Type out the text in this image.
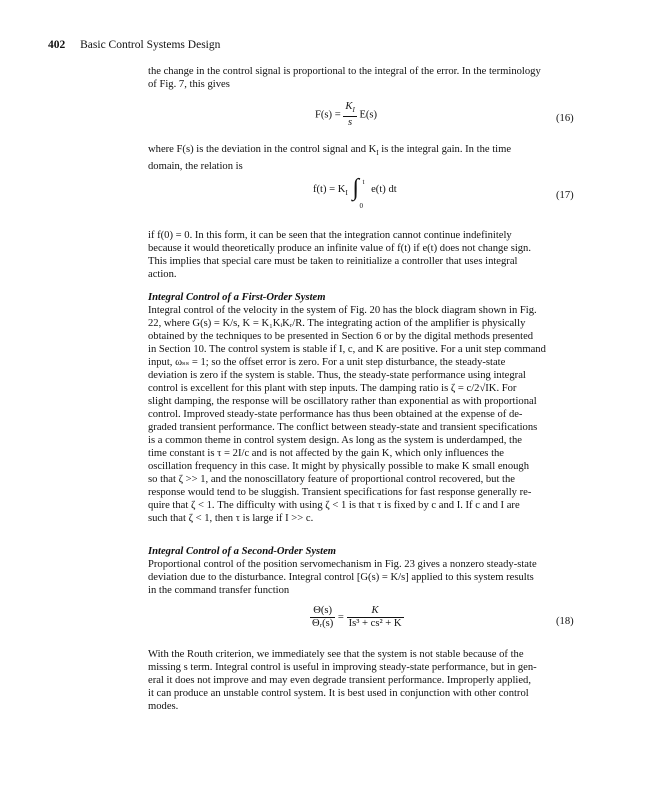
402 Basic Control Systems Design

the change in the control signal is proportional to the integral of the error. In the terminology
of Fig. 7, this gives

$F(s) = \frac{K_I}{s} E(s)$	(16)

where F(s) is the deviation in the control signal and $K_I$ is the integral gain. In the time
domain, the relation is

$f(t) = K_I$ ∫ t
0
e(t) dt
(17)

if f(0) = 0. In this form, it can be seen that the integration cannot continue indefinitely
because it would theoretically produce an infinite value of f(t) if e(t) does not change sign.
This implies that special care must be taken to reinitialize a controller that uses integral
action.

Integral Control of a First-Order System

Integral control of the velocity in the system of Fig. 20 has the block diagram shown in Fig.
22, where G(s) = K/s, K = K₁KᵢKᵣ/R. The integrating action of the amplifier is physically
obtained by the techniques to be presented in Section 6 or by the digital methods presented
in Section 10. The control system is stable if I, c, and K are positive. For a unit step command
input, ωₛₛ = 1; so the offset error is zero. For a unit step disturbance, the steady-state
deviation is zero if the system is stable. Thus, the steady-state performance using integral
control is excellent for this plant with step inputs. The damping ratio is ζ = c/2√IK. For
slight damping, the response will be oscillatory rather than exponential as with proportional
control. Improved steady-state performance has thus been obtained at the expense of de-
graded transient performance. The conflict between steady-state and transient specifications
is a common theme in control system design. As long as the system is underdamped, the
time constant is τ = 2I/c and is not affected by the gain K, which only influences the
oscillation frequency in this case. It might by physically possible to make K small enough
so that ζ >> 1, and the nonoscillatory feature of proportional control recovered, but the
response would tend to be sluggish. Transient specifications for fast response generally re-
quire that ζ < 1. The difficulty with using ζ < 1 is that τ is fixed by c and I. If c and I are
such that ζ < 1, then τ is large if I >> c.

Integral Control of a Second-Order System

Proportional control of the position servomechanism in Fig. 23 gives a nonzero steady-state
deviation due to the disturbance. Integral control [G(s) = K/s] applied to this system results
in the command transfer function

$\frac{\Theta(s)}{\text{Θᵣ(s)}} = \frac{K}{\text{Is³ + cs² + K}}$	(18)

With the Routh criterion, we immediately see that the system is not stable because of the
missing s term. Integral control is useful in improving steady-state performance, but in gen-
eral it does not improve and may even degrade transient performance. Improperly applied,
it can produce an unstable control system. It is best used in conjunction with other control
modes.
